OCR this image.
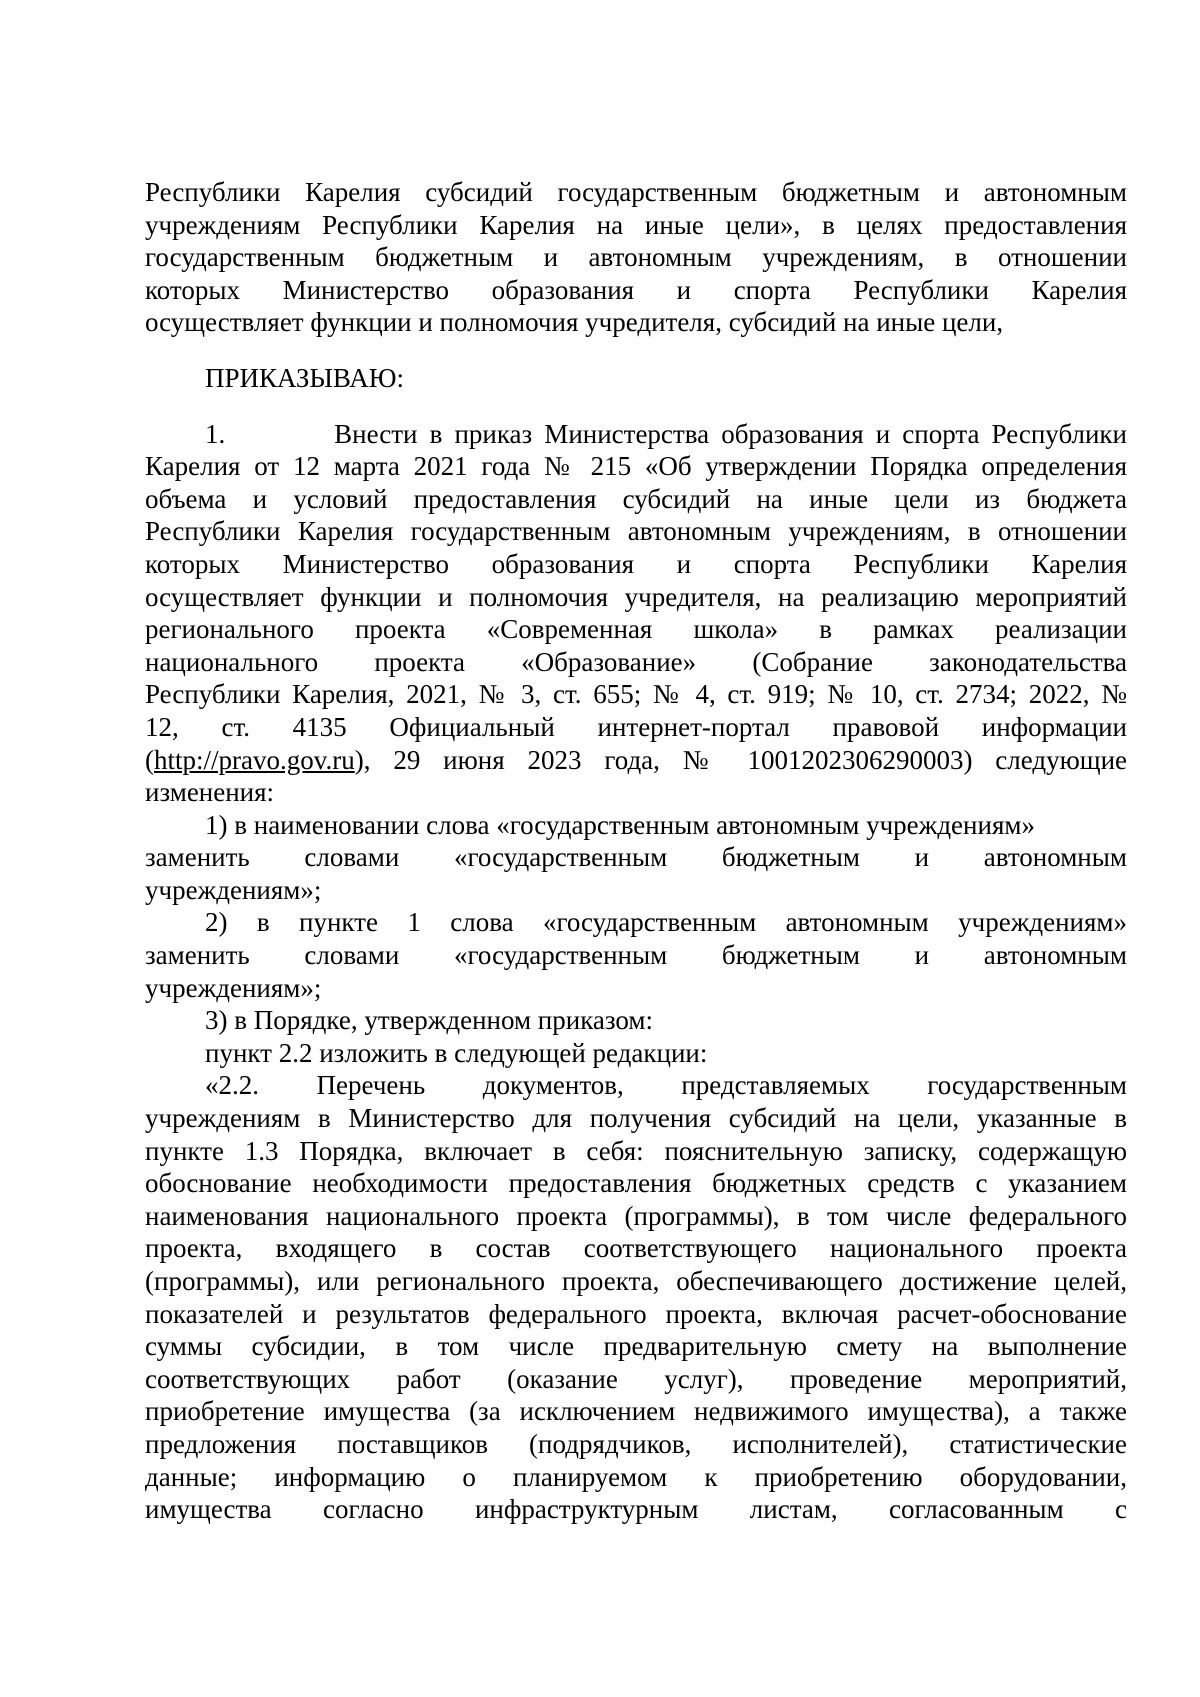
Республики Карелия субсидий государственным бюджетным и автономным
учреждениям Республики Карелия на иные цели», в целях предоставления
государственным бюджетным и автономным учреждениям, в отношении
которых Министерство образования и спорта Республики Карелия
осуществляет функции и полномочия учредителя, субсидий на иные цели,
ПРИКАЗЫВАЮ:
1.	Внести в приказ Министерства образования и спорта Республики
Карелия от 12 марта 2021 года № 215 «Об утверждении Порядка определения
объема и условий предоставления субсидий на иные цели из бюджета
Республики Карелия государственным автономным учреждениям, в отношении
которых Министерство образования и спорта Республики Карелия
осуществляет функции и полномочия учредителя, на реализацию мероприятий
регионального проекта «Современная школа» в рамках реализации
национального проекта «Образование» (Собрание законодательства
Республики Карелия, 2021, № 3, ст. 655; № 4, ст. 919; № 10, ст. 2734; 2022, №
12, ст. 4135 Официальный интернет-портал правовой информации
(http://pravo.gov.ru), 29 июня 2023 года, № 1001202306290003) следующие
изменения:
1) в наименовании слова «государственным автономным учреждениям»
заменить словами «государственным бюджетным и автономным
учреждениям»;
2) в пункте 1 слова «государственным автономным учреждениям»
заменить словами «государственным бюджетным и автономным
учреждениям»;
3) в Порядке, утвержденном приказом:
пункт 2.2 изложить в следующей редакции:
«2.2. Перечень документов, представляемых государственным
учреждениям в Министерство для получения субсидий на цели, указанные в
пункте 1.3 Порядка, включает в себя: пояснительную записку, содержащую
обоснование необходимости предоставления бюджетных средств с указанием
наименования национального проекта (программы), в том числе федерального
проекта, входящего в состав соответствующего национального проекта
(программы), или регионального проекта, обеспечивающего достижение целей,
показателей и результатов федерального проекта, включая расчет-обоснование
суммы субсидии, в том числе предварительную смету на выполнение
соответствующих работ (оказание услуг), проведение мероприятий,
приобретение имущества (за исключением недвижимого имущества), а также
предложения поставщиков (подрядчиков, исполнителей), статистические
данные; информацию о планируемом к приобретению оборудовании,
имущества согласно инфраструктурным листам, согласованным с
